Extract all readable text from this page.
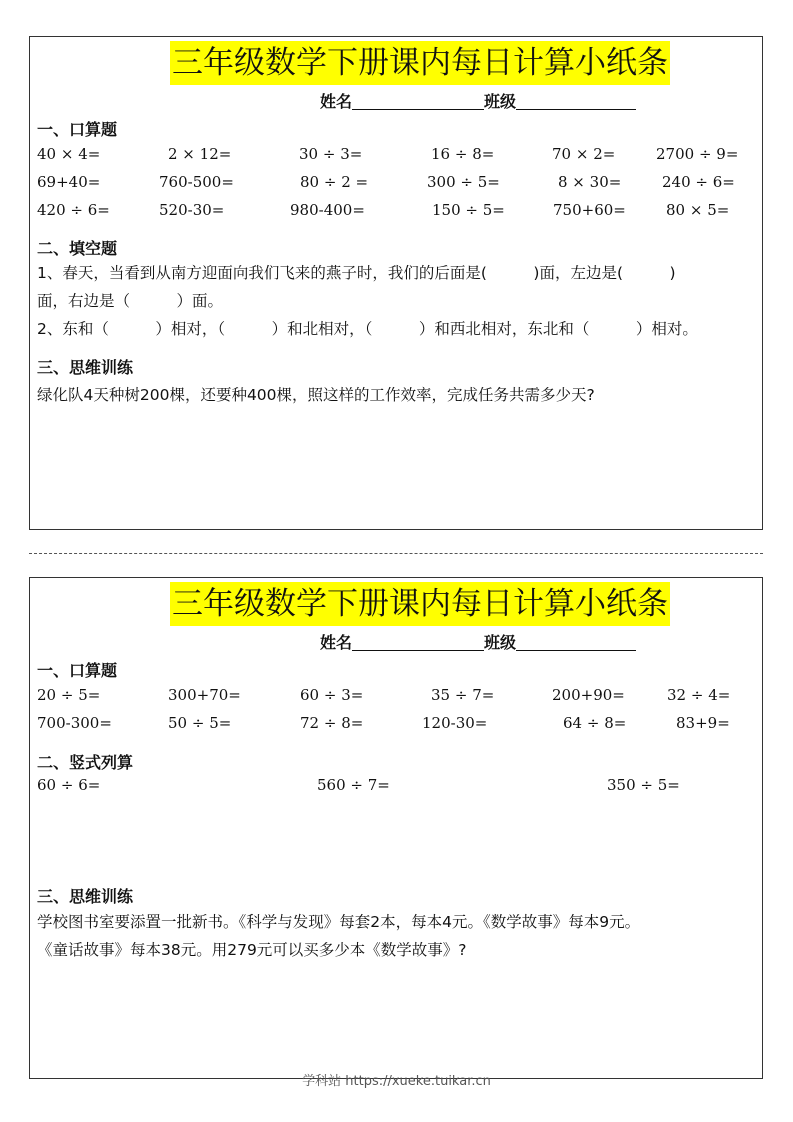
三年级数学下册课内每日计算小纸条
姓名	班级
一、口算题
40 × 4=	2 × 12=	30 ÷ 3=	16 ÷ 8=	70 × 2=	2700 ÷ 9=
69+40=	760-500=	80 ÷ 2 =	300 ÷ 5=	8 × 30=	240 ÷ 6=
420 ÷ 6=	520-30=	980-400=	150 ÷ 5=	750+60=	80 × 5=
二、填空题

1、春天，当看到从南方迎面向我们飞来的燕子时，我们的后面是(　　　)面，左边是(　　　)

面，右边是（　　　）面。

2、东和（　　　）相对，（　　　）和北相对，（　　　）和西北相对，东北和（　　　）相对。

三、思维训练

绿化队4天种树200棵，还要种400棵，照这样的工作效率，完成任务共需多少天?

三年级数学下册课内每日计算小纸条
姓名	班级
一、口算题
20 ÷ 5=	300+70=	60 ÷ 3=	35 ÷ 7=	200+90=	32 ÷ 4=
700-300=	50 ÷ 5=	72 ÷ 8=	120-30=	64 ÷ 8=	83+9=
二、竖式列算
60 ÷ 6=	560 ÷ 7=	350 ÷ 5=
三、思维训练

学校图书室要添置一批新书。《科学与发现》每套2本，每本4元。《数学故事》每本9元。

《童话故事》每本38元。用279元可以买多少本《数学故事》?

学科站 https://xueke.tuikar.cn
